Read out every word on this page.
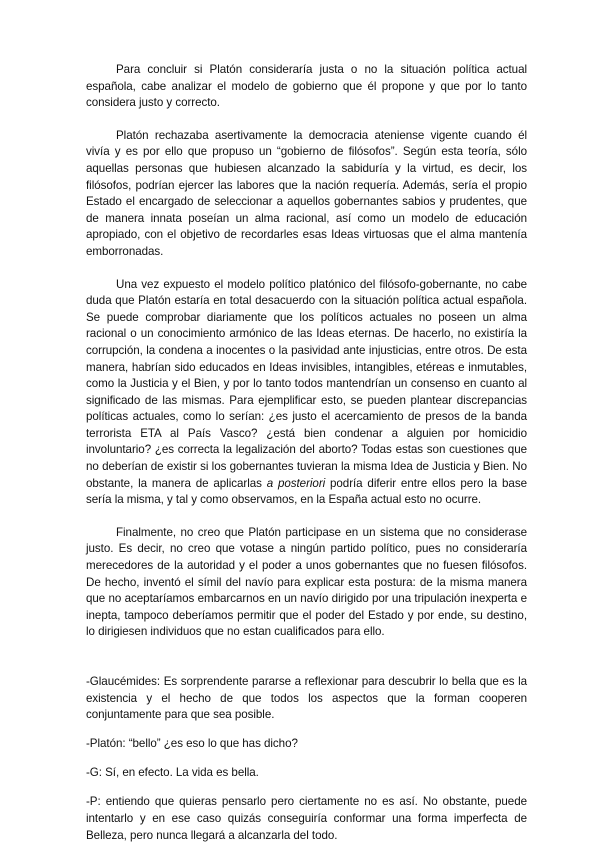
Para concluir si Platón consideraría justa o no la situación política actual española, cabe analizar el modelo de gobierno que él propone y que por lo tanto considera justo y correcto.

Platón rechazaba asertivamente la democracia ateniense vigente cuando él vivía y es por ello que propuso un “gobierno de filósofos”. Según esta teoría, sólo aquellas personas que hubiesen alcanzado la sabiduría y la virtud, es decir, los filósofos, podrían ejercer las labores que la nación requería. Además, sería el propio Estado el encargado de seleccionar a aquellos gobernantes sabios y prudentes, que de manera innata poseían un alma racional, así como un modelo de educación apropiado, con el objetivo de recordarles esas Ideas virtuosas que el alma mantenía emborronadas.

Una vez expuesto el modelo político platónico del filósofo-gobernante, no cabe duda que Platón estaría en total desacuerdo con la situación política actual española. Se puede comprobar diariamente que los políticos actuales no poseen un alma racional o un conocimiento armónico de las Ideas eternas. De hacerlo, no existiría la corrupción, la condena a inocentes o la pasividad ante injusticias, entre otros. De esta manera, habrían sido educados en Ideas invisibles, intangibles, etéreas e inmutables, como la Justicia y el Bien, y por lo tanto todos mantendrían un consenso en cuanto al significado de las mismas. Para ejemplificar esto, se pueden plantear discrepancias políticas actuales, como lo serían: ¿es justo el acercamiento de presos de la banda terrorista ETA al País Vasco? ¿está bien condenar a alguien por homicidio involuntario? ¿es correcta la legalización del aborto? Todas estas son cuestiones que no deberían de existir si los gobernantes tuvieran la misma Idea de Justicia y Bien. No obstante, la manera de aplicarlas a posteriori podría diferir entre ellos pero la base sería la misma, y tal y como observamos, en la España actual esto no ocurre.

Finalmente, no creo que Platón participase en un sistema que no considerase justo. Es decir, no creo que votase a ningún partido político, pues no consideraría merecedores de la autoridad y el poder a unos gobernantes que no fuesen filósofos. De hecho, inventó el símil del navío para explicar esta postura: de la misma manera que no aceptaríamos embarcarnos en un navío dirigido por una tripulación inexperta e inepta, tampoco deberíamos permitir que el poder del Estado y por ende, su destino, lo dirigiesen individuos que no estan cualificados para ello.

-Glaucémides: Es sorprendente pararse a reflexionar para descubrir lo bella que es la existencia y el hecho de que todos los aspectos que la forman cooperen conjuntamente para que sea posible.

-Platón: “bello” ¿es eso lo que has dicho?

-G: Sí, en efecto. La vida es bella.

-P: entiendo que quieras pensarlo pero ciertamente no es así. No obstante, puede intentarlo y en ese caso quizás conseguiría conformar una forma imperfecta de Belleza, pero nunca llegará a alcanzarla del todo.
